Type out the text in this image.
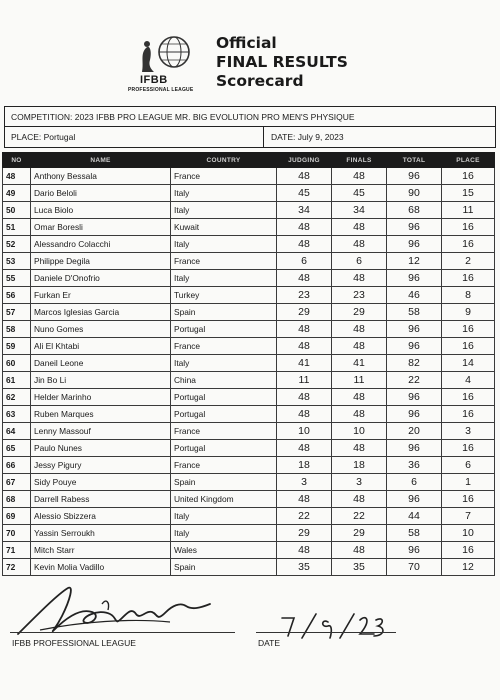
IFBB
PROFESSIONAL LEAGUE
Official
FINAL RESULTS
Scorecard
COMPETITION: 2023 IFBB PRO LEAGUE MR. BIG EVOLUTION PRO MEN'S PHYSIQUE
PLACE: Portugal	DATE: July 9, 2023
NO	NAME	COUNTRY	JUDGING	FINALS	TOTAL	PLACE
48	Anthony Bessala	France	48	48	96	16
49	Dario Beloli	Italy	45	45	90	15
50	Luca Biolo	Italy	34	34	68	11
51	Omar Boresli	Kuwait	48	48	96	16
52	Alessandro Colacchi	Italy	48	48	96	16
53	Philippe Degila	France	6	6	12	2
55	Daniele D'Onofrio	Italy	48	48	96	16
56	Furkan Er	Turkey	23	23	46	8
57	Marcos Iglesias Garcia	Spain	29	29	58	9
58	Nuno Gomes	Portugal	48	48	96	16
59	Ali El Khtabi	France	48	48	96	16
60	Daneil Leone	Italy	41	41	82	14
61	Jin Bo Li	China	11	11	22	4
62	Helder Marinho	Portugal	48	48	96	16
63	Ruben Marques	Portugal	48	48	96	16
64	Lenny Massouf	France	10	10	20	3
65	Paulo Nunes	Portugal	48	48	96	16
66	Jessy Pigury	France	18	18	36	6
67	Sidy Pouye	Spain	3	3	6	1
68	Darrell Rabess	United Kingdom	48	48	96	16
69	Alessio Sbizzera	Italy	22	22	44	7
70	Yassin Serroukh	Italy	29	29	58	10
71	Mitch Starr	Wales	48	48	96	16
72	Kevin Molia Vadillo	Spain	35	35	70	12
IFBB PROFESSIONAL LEAGUE	DATE
